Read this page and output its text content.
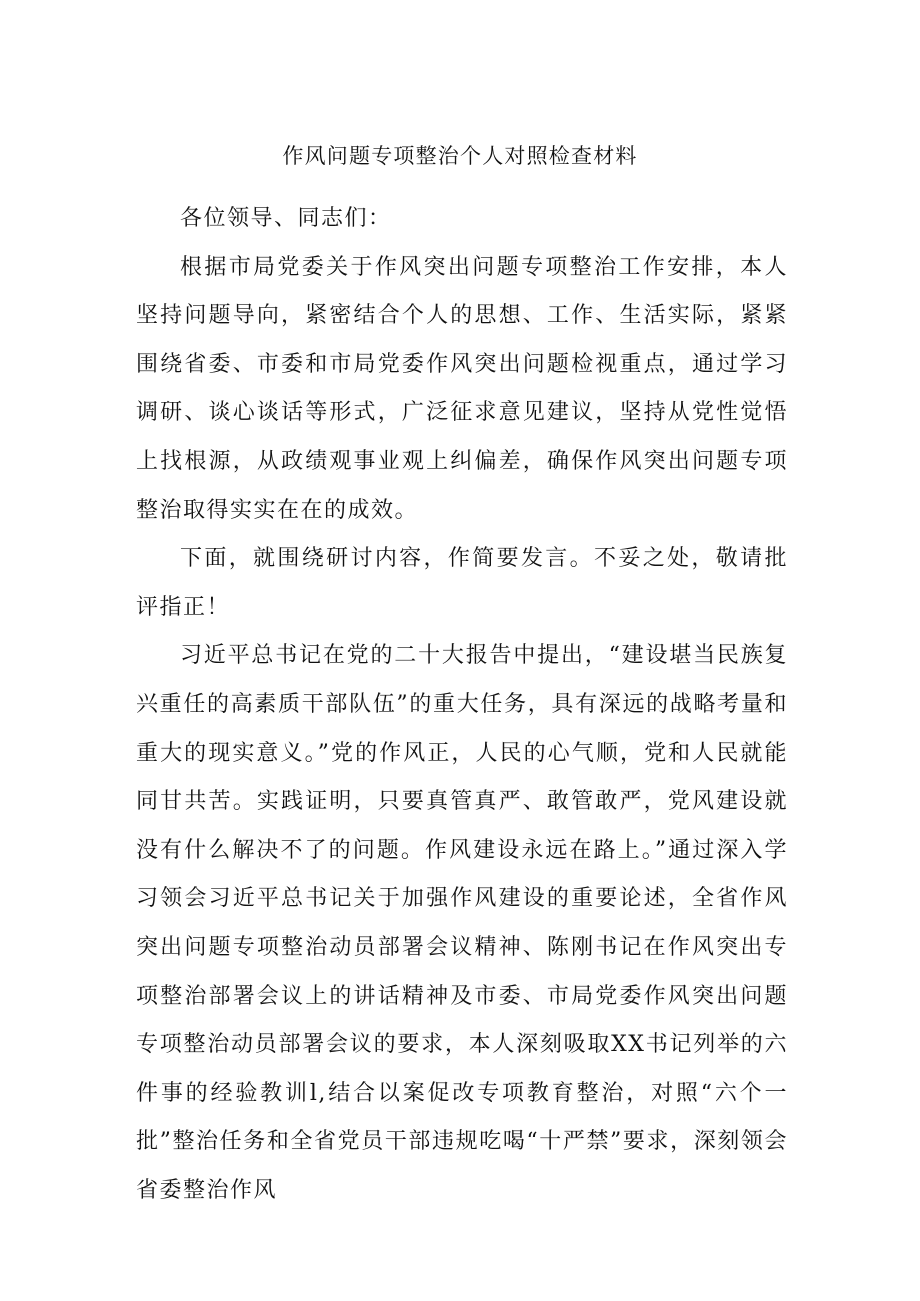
作风问题专项整治个人对照检查材料

各位领导、同志们：

根据市局党委关于作风突出问题专项整治工作安排，本人坚持问题导向，紧密结合个人的思想、工作、生活实际，紧紧围绕省委、市委和市局党委作风突出问题检视重点，通过学习调研、谈心谈话等形式，广泛征求意见建议，坚持从党性觉悟上找根源，从政绩观事业观上纠偏差，确保作风突出问题专项整治取得实实在在的成效。

下面，就围绕研讨内容，作简要发言。不妥之处，敬请批评指正！

习近平总书记在党的二十大报告中提出，“建设堪当民族复兴重任的高素质干部队伍”的重大任务，具有深远的战略考量和重大的现实意义。”党的作风正，人民的心气顺，党和人民就能同甘共苦。实践证明，只要真管真严、敢管敢严，党风建设就没有什么解决不了的问题。作风建设永远在路上。”通过深入学习领会习近平总书记关于加强作风建设的重要论述，全省作风突出问题专项整治动员部署会议精神、陈刚书记在作风突出专项整治部署会议上的讲话精神及市委、市局党委作风突出问题专项整治动员部署会议的要求，本人深刻吸取XX书记列举的六件事的经验教训l,结合以案促改专项教育整治，对照“六个一批”整治任务和全省党员干部违规吃喝“十严禁”要求，深刻领会省委整治作风
